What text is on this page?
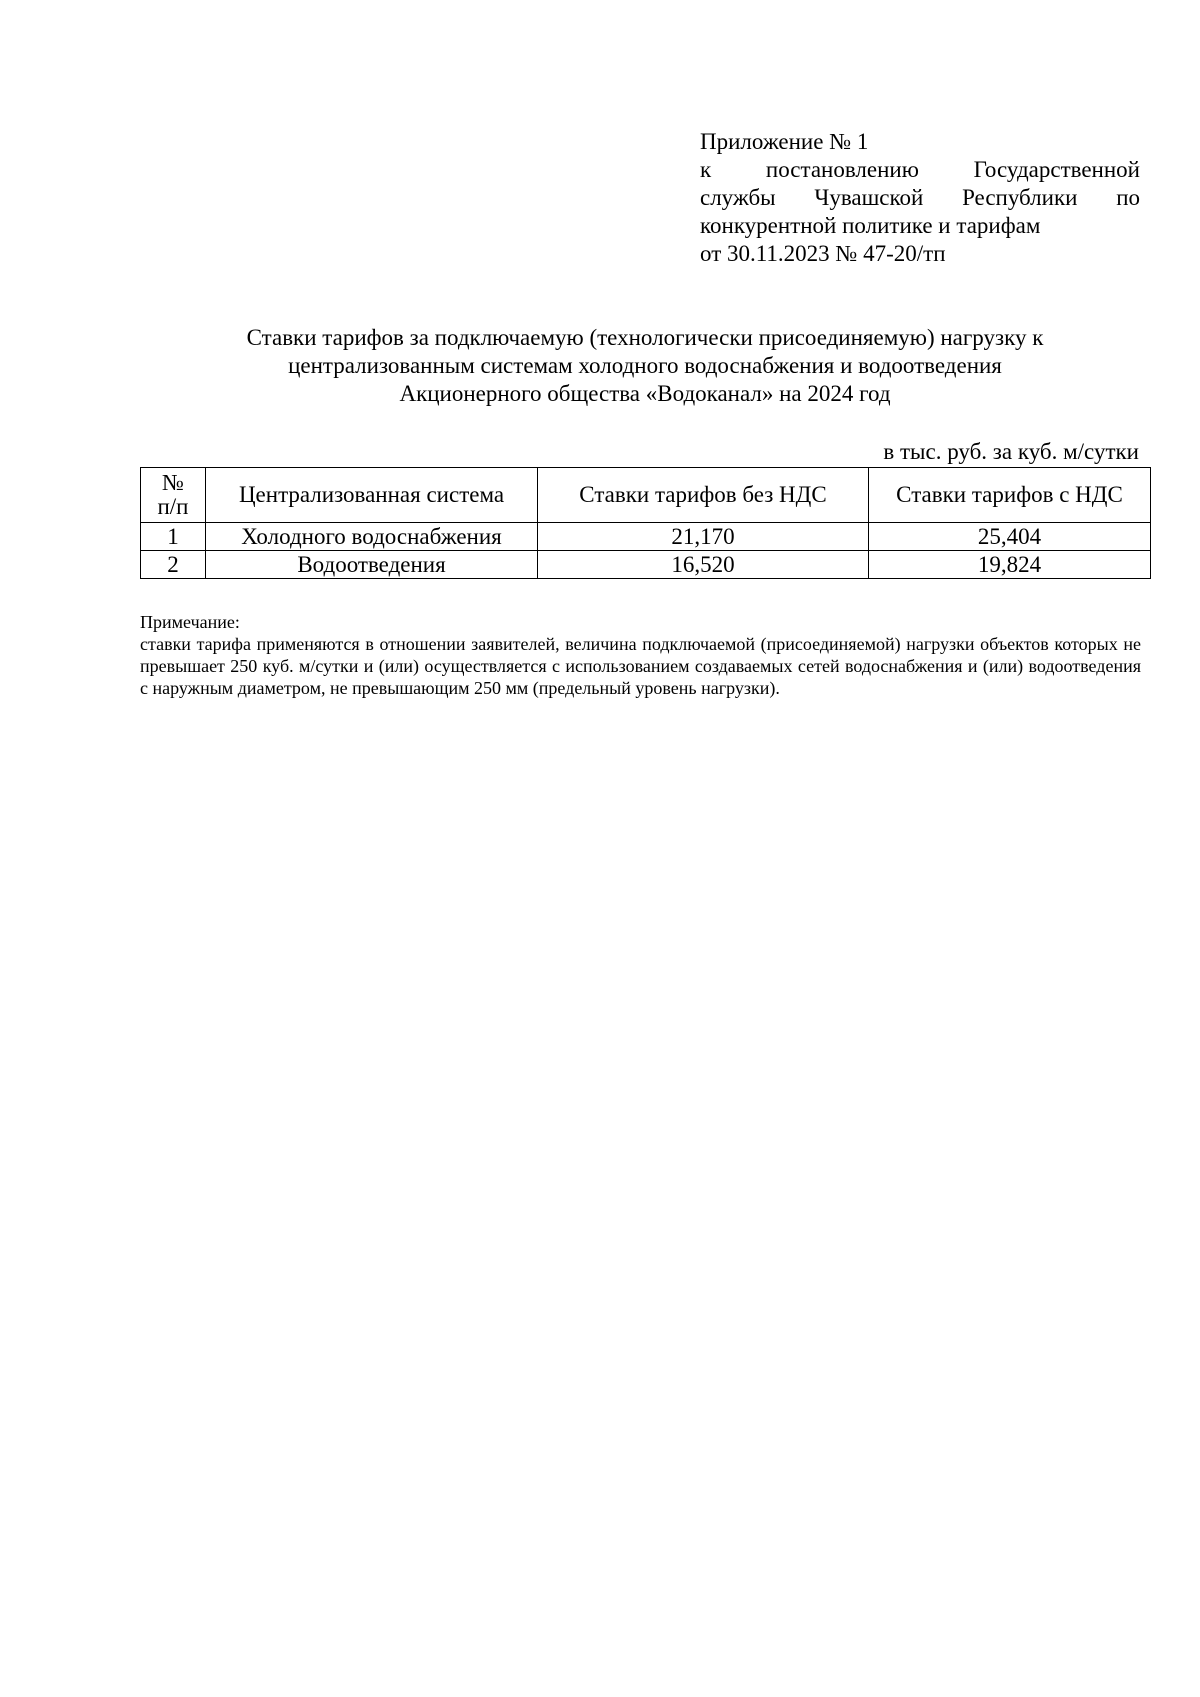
Приложение № 1
к постановлению Государственной
службы Чувашской Республики по
конкурентной политике и тарифам
от 30.11.2023 № 47-20/тп
Ставки тарифов за подключаемую (технологически присоединяемую) нагрузку к
централизованным системам холодного водоснабжения и водоотведения
Акционерного общества «Водоканал» на 2024 год
в тыс. руб. за куб. м/сутки
№
п/п	Централизованная система	Ставки тарифов без НДС	Ставки тарифов с НДС
1	Холодного водоснабжения	21,170	25,404
2	Водоотведения	16,520	19,824
Примечание:
ставки тарифа применяются в отношении заявителей, величина подключаемой (присоединяемой) нагрузки объектов которых не превышает 250 куб. м/сутки и (или) осуществляется с использованием создаваемых сетей водоснабжения и (или) водоотведения с наружным диаметром, не превышающим 250 мм (предельный уровень нагрузки).
